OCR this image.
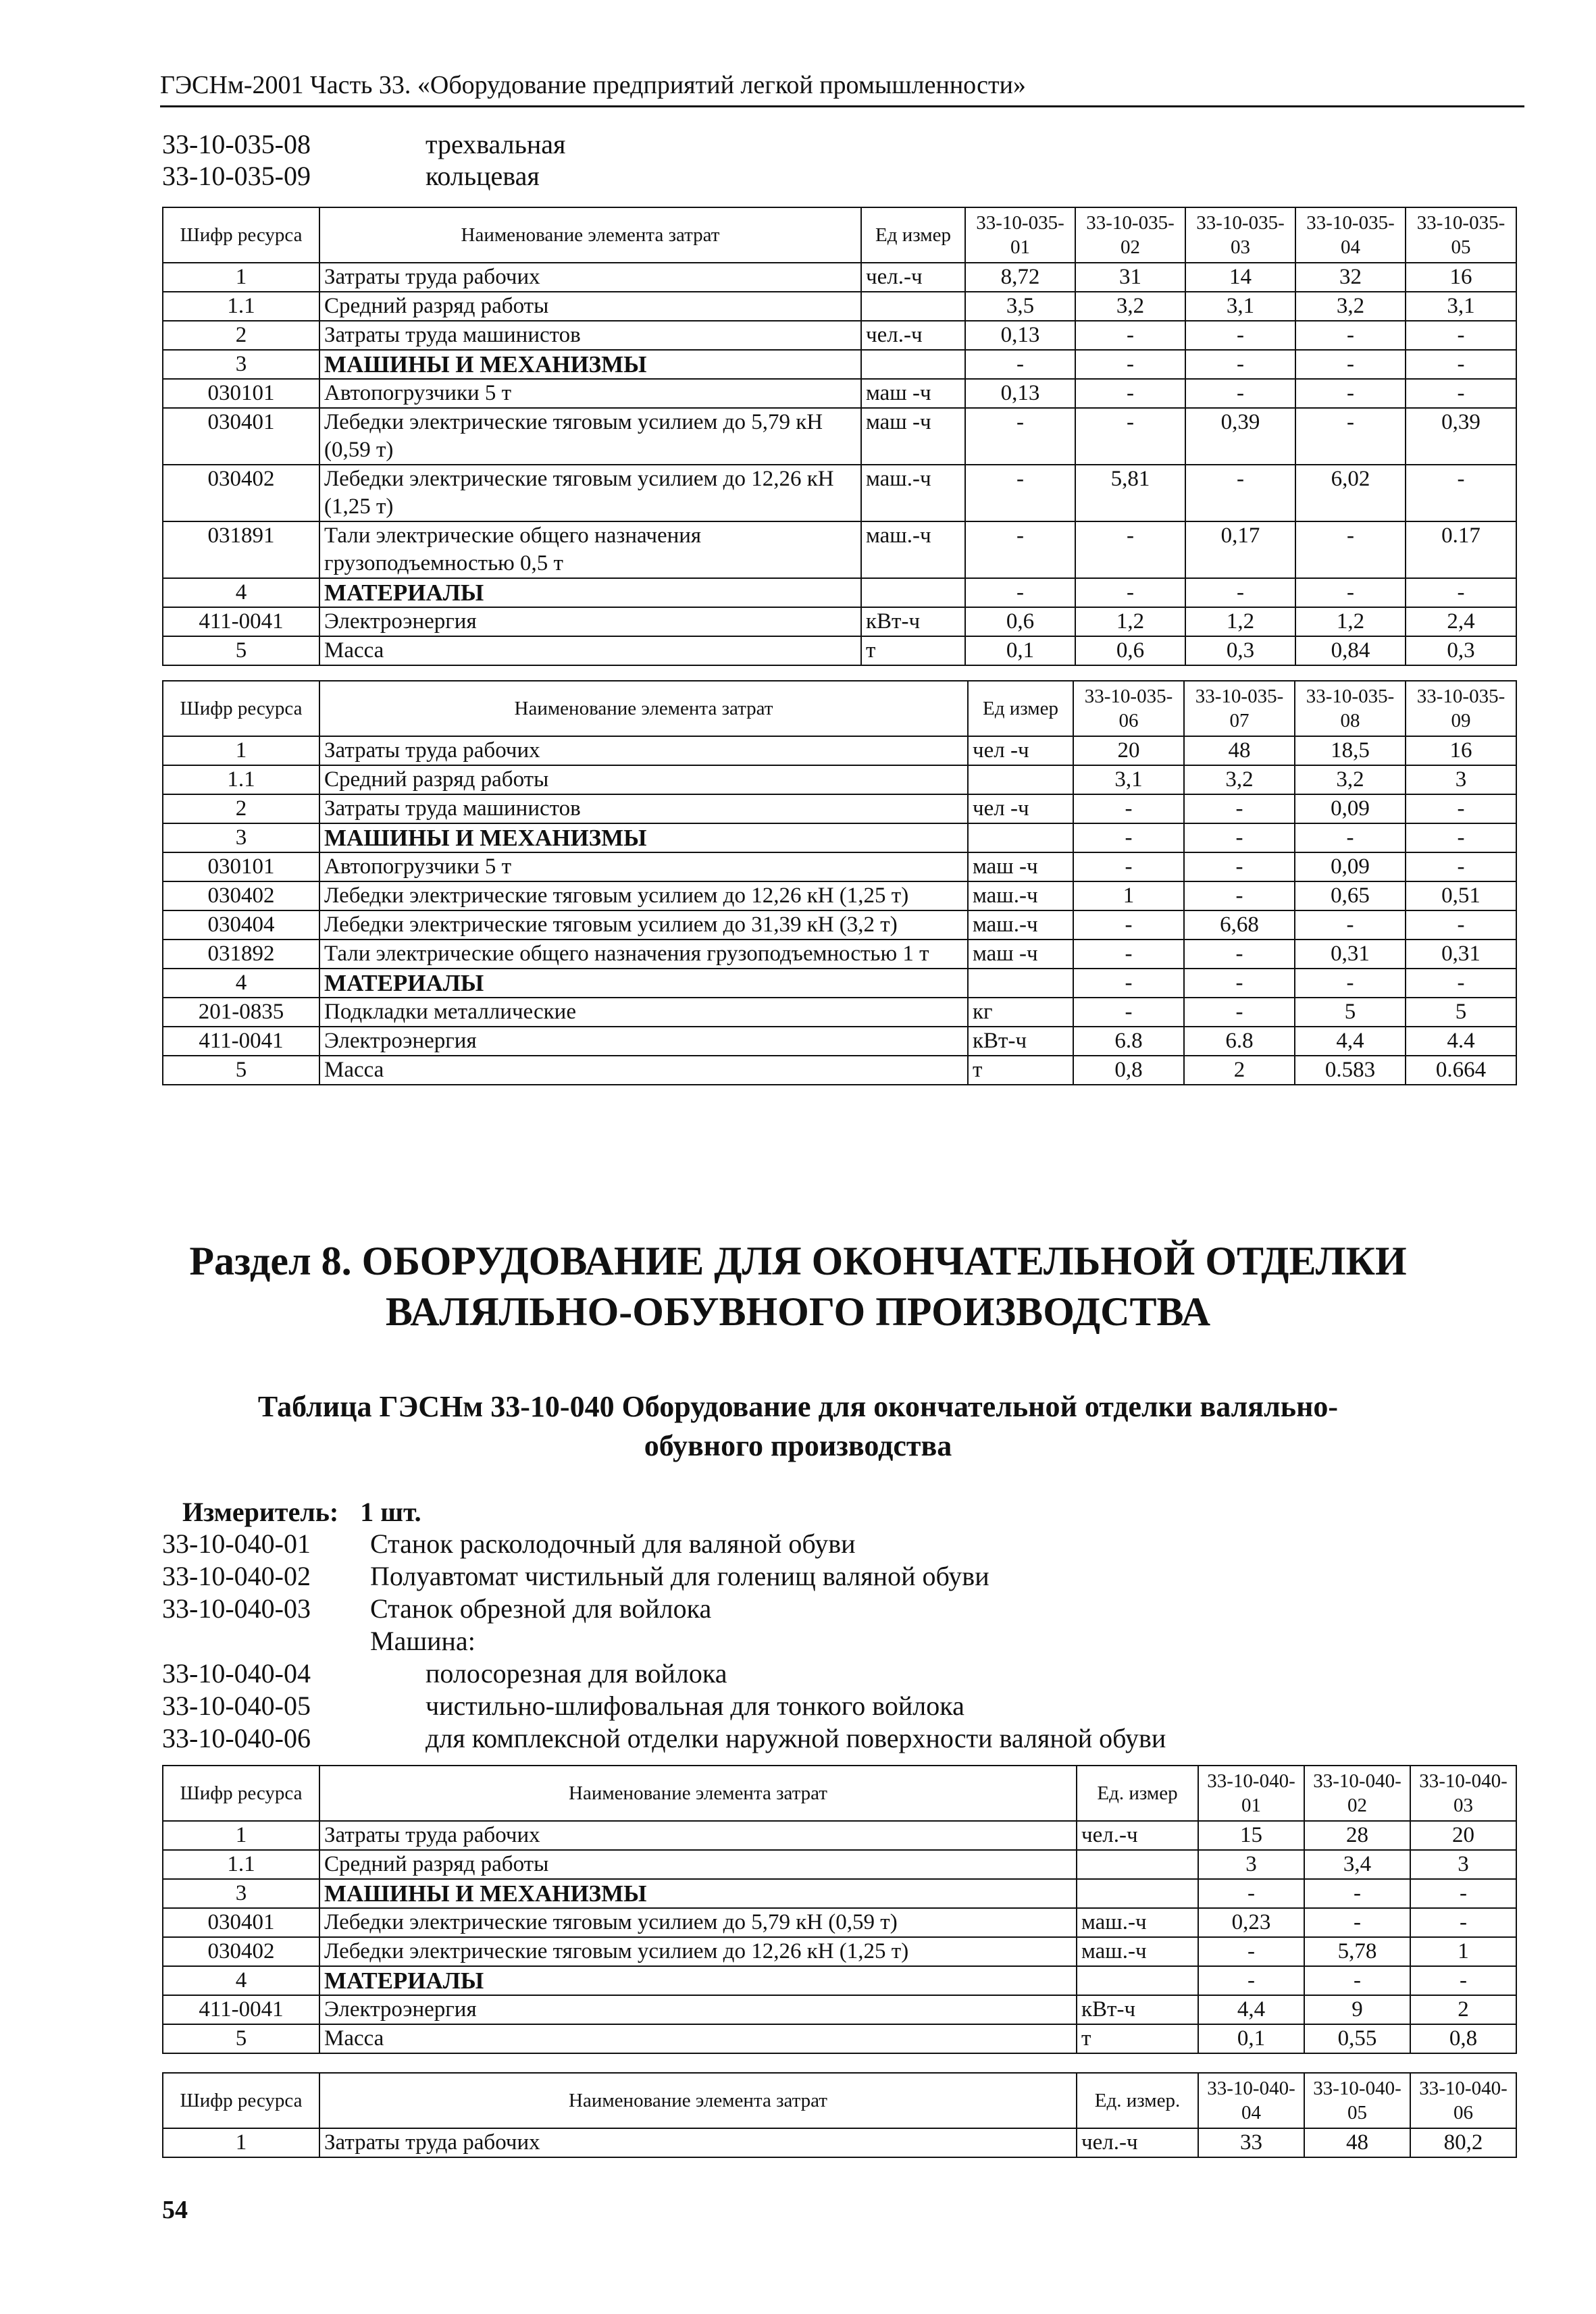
ГЭСНм-2001 Часть 33. «Оборудование предприятий легкой промышленности»
33-10-035-08	трехвальная
33-10-035-09	кольцевая
Шифр ресурса	Наименование элемента затрат	Ед измер	33-10-035-01	33-10-035-02	33-10-035-03	33-10-035-04	33-10-035-05
1	Затраты труда рабочих	чел.-ч	8,72	31	14	32	16
1.1	Средний разряд работы		3,5	3,2	3,1	3,2	3,1
2	Затраты труда машинистов	чел.-ч	0,13	-	-	-	-
3	МАШИНЫ И МЕХАНИЗМЫ		-	-	-	-	-
030101	Автопогрузчики 5 т	маш -ч	0,13	-	-	-	-
030401	Лебедки электрические тяговым усилием до 5,79 кН (0,59 т)	маш -ч	-	-	0,39	-	0,39
030402	Лебедки электрические тяговым усилием до 12,26 кН (1,25 т)	маш.-ч	-	5,81	-	6,02	-
031891	Тали электрические общего назначения грузоподъемностью 0,5 т	маш.-ч	-	-	0,17	-	0.17
4	МАТЕРИАЛЫ		-	-	-	-	-
411-0041	Электроэнергия	кВт-ч	0,6	1,2	1,2	1,2	2,4
5	Масса	т	0,1	0,6	0,3	0,84	0,3
Шифр ресурса	Наименование элемента затрат	Ед измер	33-10-035-06	33-10-035-07	33-10-035-08	33-10-035-09
1	Затраты труда рабочих	чел -ч	20	48	18,5	16
1.1	Средний разряд работы		3,1	3,2	3,2	3
2	Затраты труда машинистов	чел -ч	-	-	0,09	-
3	МАШИНЫ И МЕХАНИЗМЫ		-	-	-	-
030101	Автопогрузчики 5 т	маш -ч	-	-	0,09	-
030402	Лебедки электрические тяговым усилием до 12,26 кН (1,25 т)	маш.-ч	1	-	0,65	0,51
030404	Лебедки электрические тяговым усилием до 31,39 кН (3,2 т)	маш.-ч	-	6,68	-	-
031892	Тали электрические общего назначения грузоподъемностью 1 т	маш -ч	-	-	0,31	0,31
4	МАТЕРИАЛЫ		-	-	-	-
201-0835	Подкладки металлические	кг	-	-	5	5
411-0041	Электроэнергия	кВт-ч	6.8	6.8	4,4	4.4
5	Масса	т	0,8	2	0.583	0.664
Раздел 8. ОБОРУДОВАНИЕ ДЛЯ ОКОНЧАТЕЛЬНОЙ ОТДЕЛКИ
ВАЛЯЛЬНО-ОБУВНОГО ПРОИЗВОДСТВА
Таблица ГЭСНм 33-10-040 Оборудование для окончательной отделки валяльно-
обувного производства
Измеритель: 1 шт.
33-10-040-01 Станок расколодочный для валяной обуви
33-10-040-02 Полуавтомат чистильный для голенищ валяной обуви
33-10-040-03 Станок обрезной для войлока
Машина:
33-10-040-04	полосорезная для войлока
33-10-040-05	чистильно-шлифовальная для тонкого войлока
33-10-040-06	для комплексной отделки наружной поверхности валяной обуви
Шифр ресурса	Наименование элемента затрат	Ед. измер	33-10-040-01	33-10-040-02	33-10-040-03
1	Затраты труда рабочих	чел.-ч	15	28	20
1.1	Средний разряд работы		3	3,4	3
3	МАШИНЫ И МЕХАНИЗМЫ		-	-	-
030401	Лебедки электрические тяговым усилием до 5,79 кН (0,59 т)	маш.-ч	0,23	-	-
030402	Лебедки электрические тяговым усилием до 12,26 кН (1,25 т)	маш.-ч	-	5,78	1
4	МАТЕРИАЛЫ		-	-	-
411-0041	Электроэнергия	кВт-ч	4,4	9	2
5	Масса	т	0,1	0,55	0,8
Шифр ресурса	Наименование элемента затрат	Ед. измер.	33-10-040-04	33-10-040-05	33-10-040-06
1	Затраты труда рабочих	чел.-ч	33	48	80,2
54
